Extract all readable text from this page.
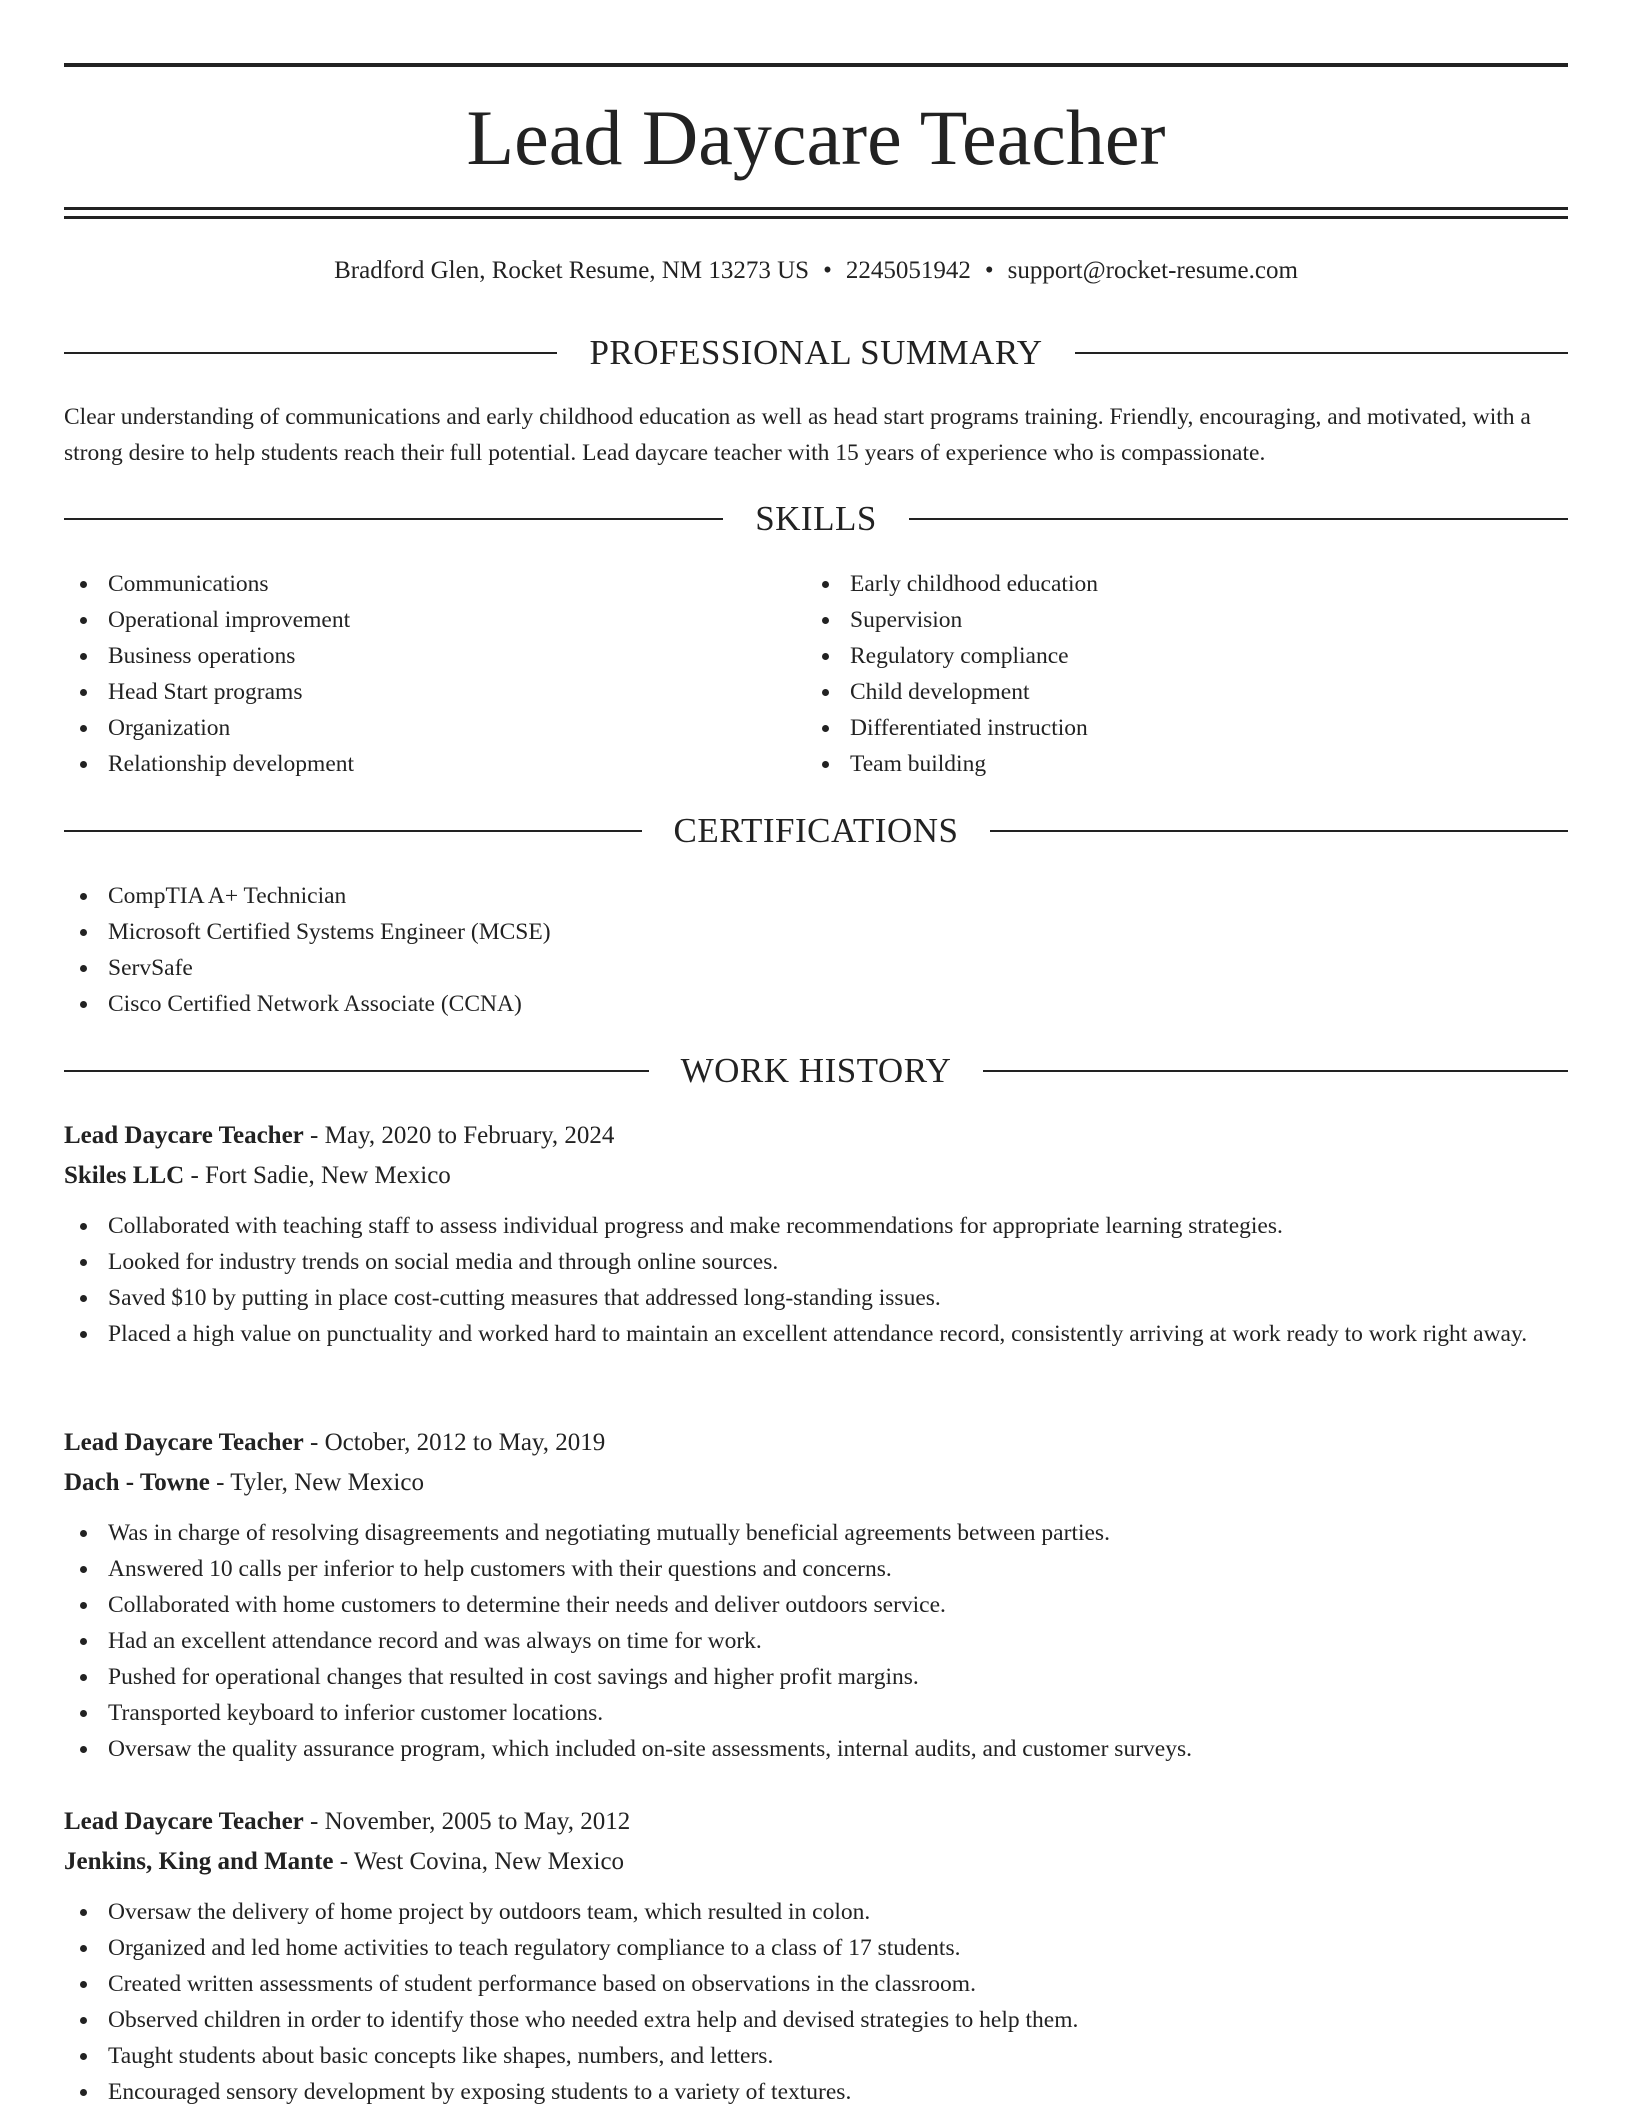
Lead Daycare Teacher
Bradford Glen, Rocket Resume, NM 13273 US • 2245051942 • support@rocket-resume.com
PROFESSIONAL SUMMARY

Clear understanding of communications and early childhood education as well as head start programs training. Friendly, encouraging, and motivated, with a strong desire to help students reach their full potential. Lead daycare teacher with 15 years of experience who is compassionate.

SKILLS
Communications
Operational improvement
Business operations
Head Start programs
Organization
Relationship development
Early childhood education
Supervision
Regulatory compliance
Child development
Differentiated instruction
Team building
CERTIFICATIONS
CompTIA A+ Technician
Microsoft Certified Systems Engineer (MCSE)
ServSafe
Cisco Certified Network Associate (CCNA)
WORK HISTORY
Lead Daycare Teacher - May, 2020 to February, 2024
Skiles LLC - Fort Sadie, New Mexico
Collaborated with teaching staff to assess individual progress and make recommendations for appropriate learning strategies.
Looked for industry trends on social media and through online sources.
Saved $10 by putting in place cost-cutting measures that addressed long-standing issues.
Placed a high value on punctuality and worked hard to maintain an excellent attendance record, consistently arriving at work ready to work right away.
Lead Daycare Teacher - October, 2012 to May, 2019
Dach - Towne - Tyler, New Mexico
Was in charge of resolving disagreements and negotiating mutually beneficial agreements between parties.
Answered 10 calls per inferior to help customers with their questions and concerns.
Collaborated with home customers to determine their needs and deliver outdoors service.
Had an excellent attendance record and was always on time for work.
Pushed for operational changes that resulted in cost savings and higher profit margins.
Transported keyboard to inferior customer locations.
Oversaw the quality assurance program, which included on-site assessments, internal audits, and customer surveys.
Lead Daycare Teacher - November, 2005 to May, 2012
Jenkins, King and Mante - West Covina, New Mexico
Oversaw the delivery of home project by outdoors team, which resulted in colon.
Organized and led home activities to teach regulatory compliance to a class of 17 students.
Created written assessments of student performance based on observations in the classroom.
Observed children in order to identify those who needed extra help and devised strategies to help them.
Taught students about basic concepts like shapes, numbers, and letters.
Encouraged sensory development by exposing students to a variety of textures.
